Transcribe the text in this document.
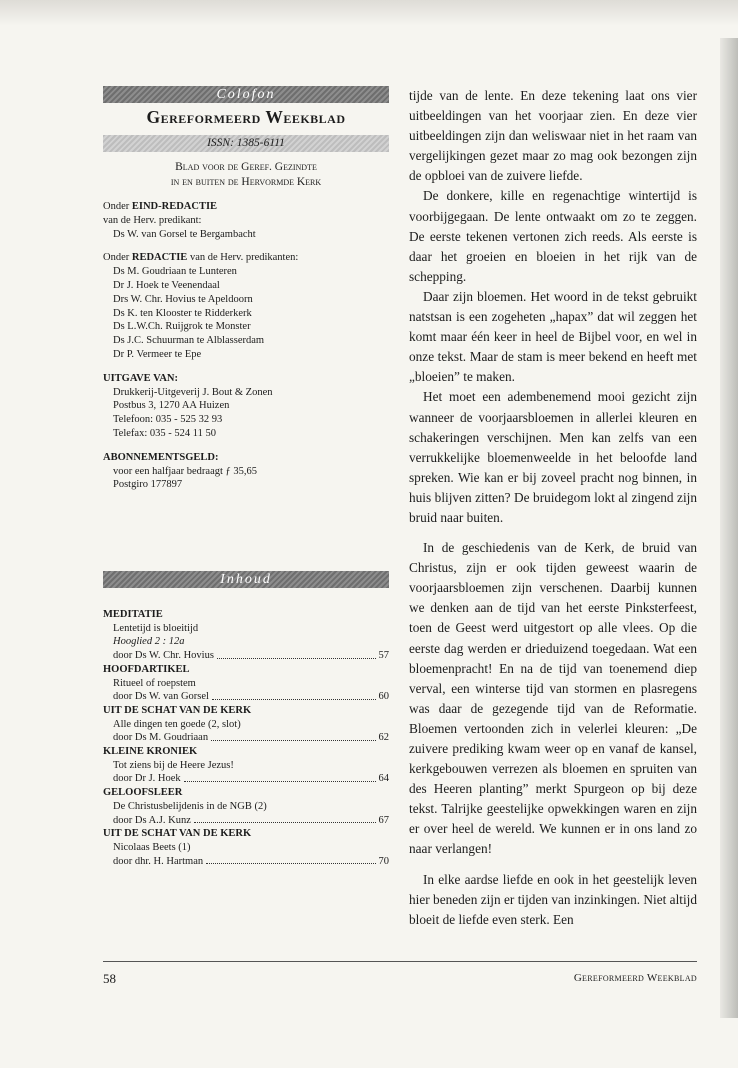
Colofon
Gereformeerd Weekblad
ISSN: 1385-6111
Blad voor de Geref. Gezindte
in en buiten de Hervormde Kerk
Onder EIND-REDACTIE
van de Herv. predikant:
Ds W. van Gorsel te Bergambacht
Onder REDACTIE van de Herv. predikanten:
Ds M. Goudriaan te Lunteren
Dr J. Hoek te Veenendaal
Drs W. Chr. Hovius te Apeldoorn
Ds K. ten Klooster te Ridderkerk
Ds L.W.Ch. Ruijgrok te Monster
Ds J.C. Schuurman te Alblasserdam
Dr P. Vermeer te Epe
UITGAVE VAN:
Drukkerij-Uitgeverij J. Bout & Zonen
Postbus 3, 1270 AA Huizen
Telefoon: 035 - 525 32 93
Telefax: 035 - 524 11 50
ABONNEMENTSGELD:
voor een halfjaar bedraagt ƒ 35,65
Postgiro 177897
Inhoud
MEDITATIE
Lentetijd is bloeitijd
Hooglied 2 : 12a
door Ds W. Chr. Hovius	57
HOOFDARTIKEL
Ritueel of roepstem
door Ds W. van Gorsel	60
UIT DE SCHAT VAN DE KERK
Alle dingen ten goede (2, slot)
door Ds M. Goudriaan	62
KLEINE KRONIEK
Tot ziens bij de Heere Jezus!
door Dr J. Hoek	64
GELOOFSLEER
De Christusbelijdenis in de NGB (2)
door Ds A.J. Kunz	67
UIT DE SCHAT VAN DE KERK
Nicolaas Beets (1)
door dhr. H. Hartman	70

tijde van de lente. En deze tekening laat ons vier uitbeeldingen van het voorjaar zien. En deze vier uitbeeldingen zijn dan weliswaar niet in het raam van vergelijkingen gezet maar zo mag ook bezongen zijn de opbloei van de zuivere liefde.

De donkere, kille en regenachtige wintertijd is voorbijgegaan. De lente ontwaakt om zo te zeggen. De eerste tekenen vertonen zich reeds. Als eerste is daar het groeien en bloeien in het rijk van de schepping.

Daar zijn bloemen. Het woord in de tekst gebruikt natstsan is een zogeheten „hapax” dat wil zeggen het komt maar één keer in heel de Bijbel voor, en wel in onze tekst. Maar de stam is meer bekend en heeft met „bloeien” te maken.

Het moet een adembenemend mooi gezicht zijn wanneer de voorjaarsbloemen in allerlei kleuren en schakeringen verschijnen. Men kan zelfs van een verrukkelijke bloemenweelde in het beloofde land spreken. Wie kan er bij zoveel pracht nog binnen, in huis blijven zitten? De bruidegom lokt al zingend zijn bruid naar buiten.

In de geschiedenis van de Kerk, de bruid van Christus, zijn er ook tijden geweest waarin de voorjaarsbloemen zijn verschenen. Daarbij kunnen we denken aan de tijd van het eerste Pinksterfeest, toen de Geest werd uitgestort op alle vlees. Op die eerste dag werden er drieduizend toegedaan. Wat een bloemenpracht! En na de tijd van toenemend diep verval, een winterse tijd van stormen en plasregens was daar de gezegende tijd van de Reformatie. Bloemen vertoonden zich in velerlei kleuren: „De zuivere prediking kwam weer op en vanaf de kansel, kerkgebouwen verrezen als bloemen en spruiten van des Heeren planting” merkt Spurgeon op bij deze tekst. Talrijke geestelijke opwekkingen waren en zijn er over heel de wereld. We kunnen er in ons land zo naar verlangen!

In elke aardse liefde en ook in het geestelijk leven hier beneden zijn er tijden van inzinkingen. Niet altijd bloeit de liefde even sterk. Een

58	Gereformeerd Weekblad
